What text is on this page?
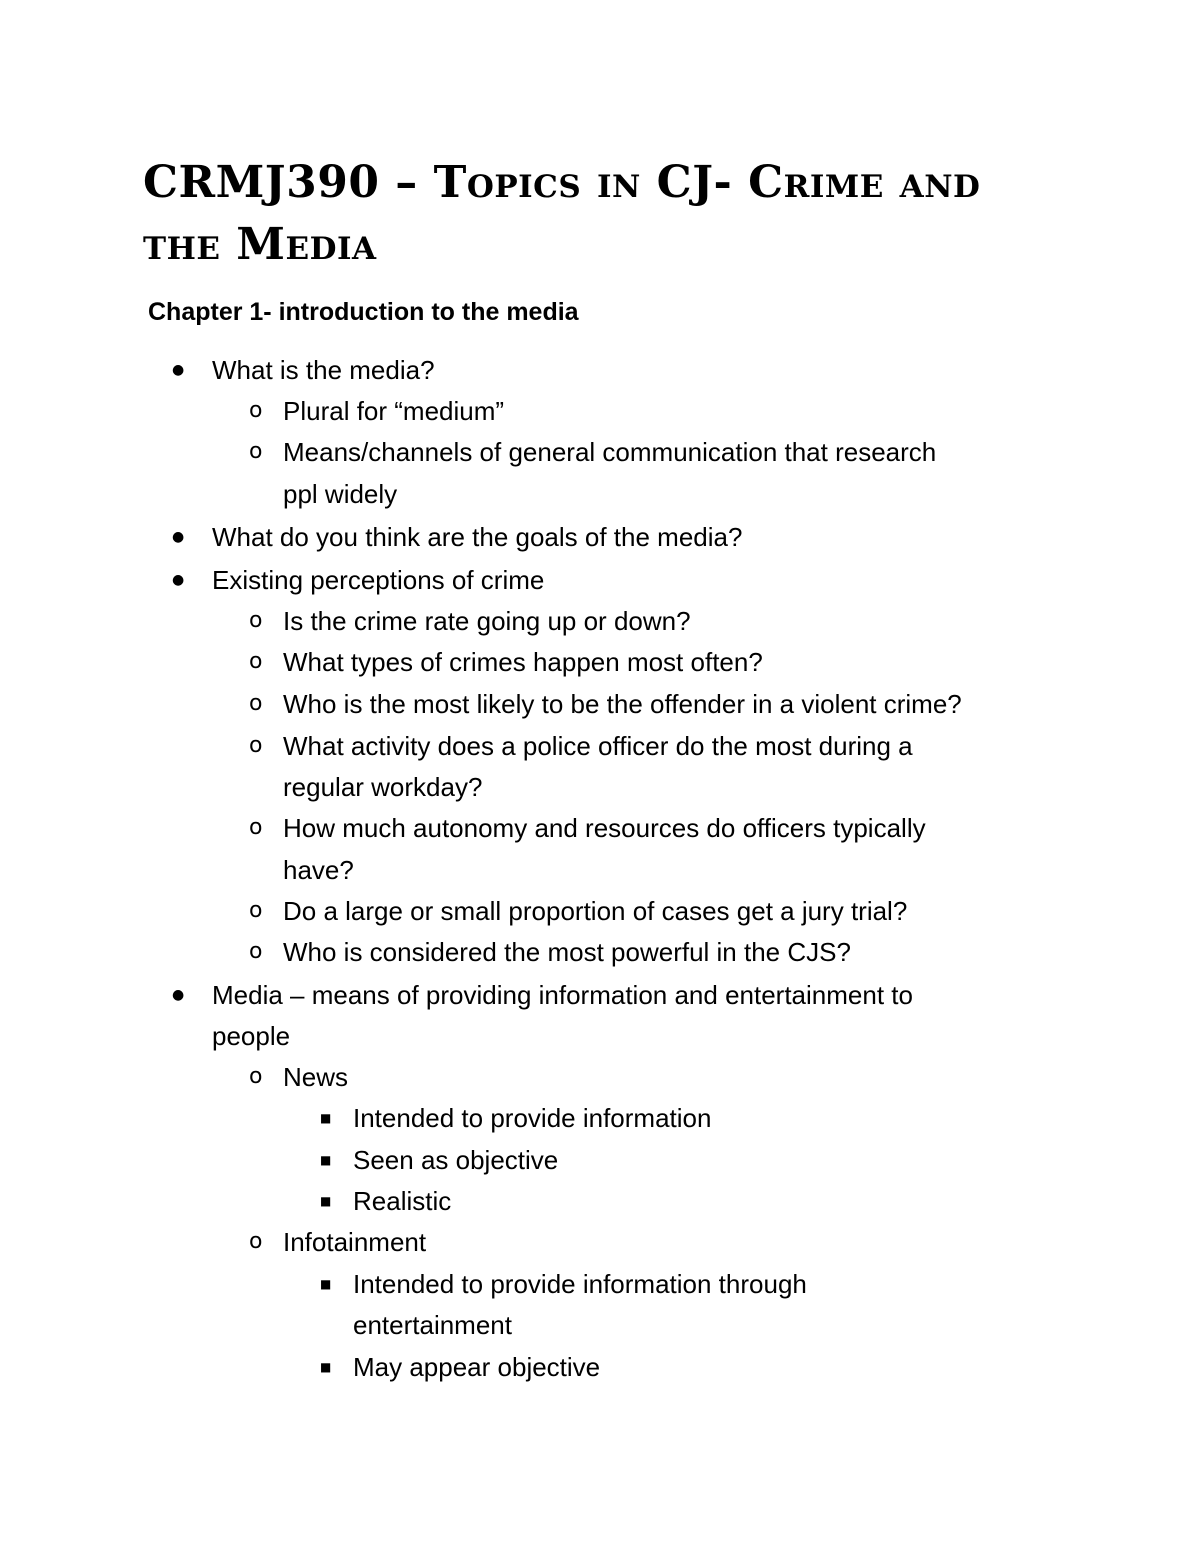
CRMJ390 – Topics in CJ- Crime and the Media
Chapter 1- introduction to the media
● What is the media?
o Plural for “medium”
o Means/channels of general communication that research
ppl widely
● What do you think are the goals of the media?
● Existing perceptions of crime
o Is the crime rate going up or down?
o What types of crimes happen most often?
o Who is the most likely to be the offender in a violent crime?
o What activity does a police officer do the most during a
regular workday?
o How much autonomy and resources do officers typically
have?
o Do a large or small proportion of cases get a jury trial?
o Who is considered the most powerful in the CJS?
● Media – means of providing information and entertainment to
people
o News
■ Intended to provide information
■ Seen as objective
■ Realistic
o Infotainment
■ Intended to provide information through
entertainment
■ May appear objective
